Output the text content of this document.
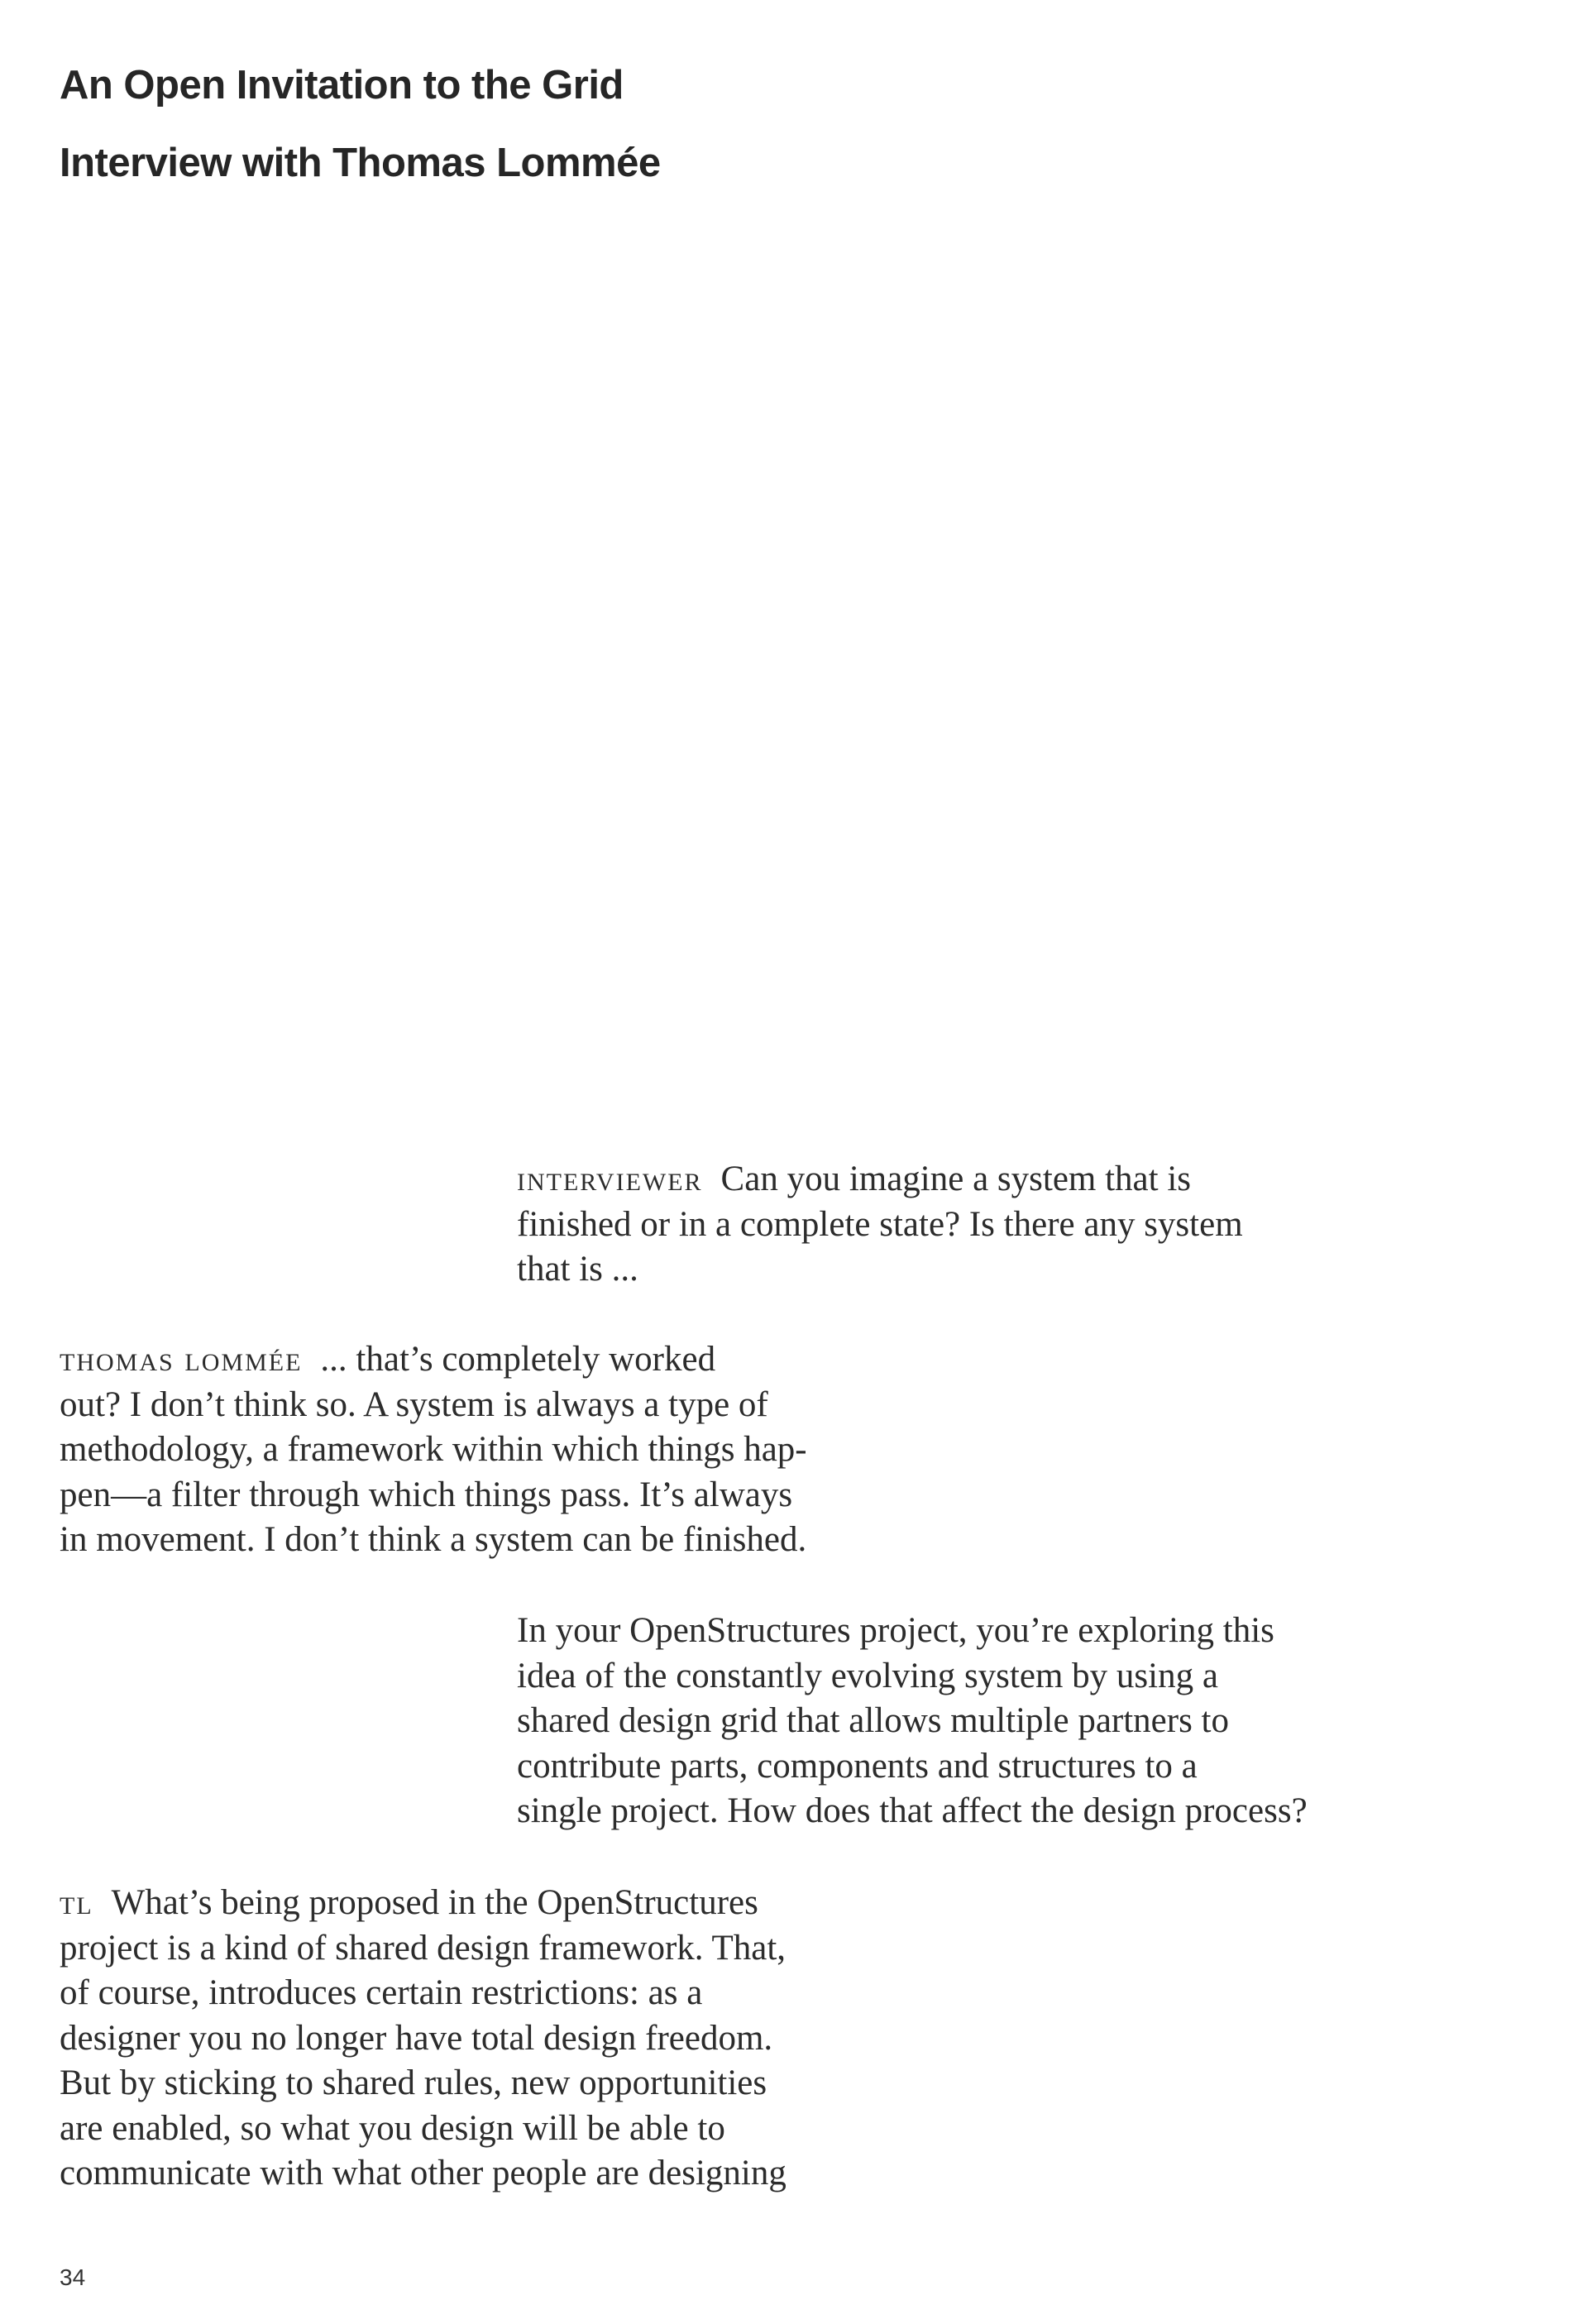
An Open Invitation to the Grid
Interview with Thomas Lommée
interviewer Can you imagine a system that is
finished or in a complete state? Is there any system
that is ...
thomas lommée ... that’s completely worked
out? I don’t think so. A system is always a type of
methodology, a framework within which things hap-
pen—a filter through which things pass. It’s always
in movement. I don’t think a system can be finished.
In your OpenStructures project, you’re exploring this
idea of the constantly evolving system by using a
shared design grid that allows multiple partners to
contribute parts, components and structures to a
single project. How does that affect the design process?
tl What’s being proposed in the OpenStructures
project is a kind of shared design framework. That,
of course, introduces certain restrictions: as a
designer you no longer have total design freedom.
But by sticking to shared rules, new opportunities
are enabled, so what you design will be able to
communicate with what other people are designing
34
